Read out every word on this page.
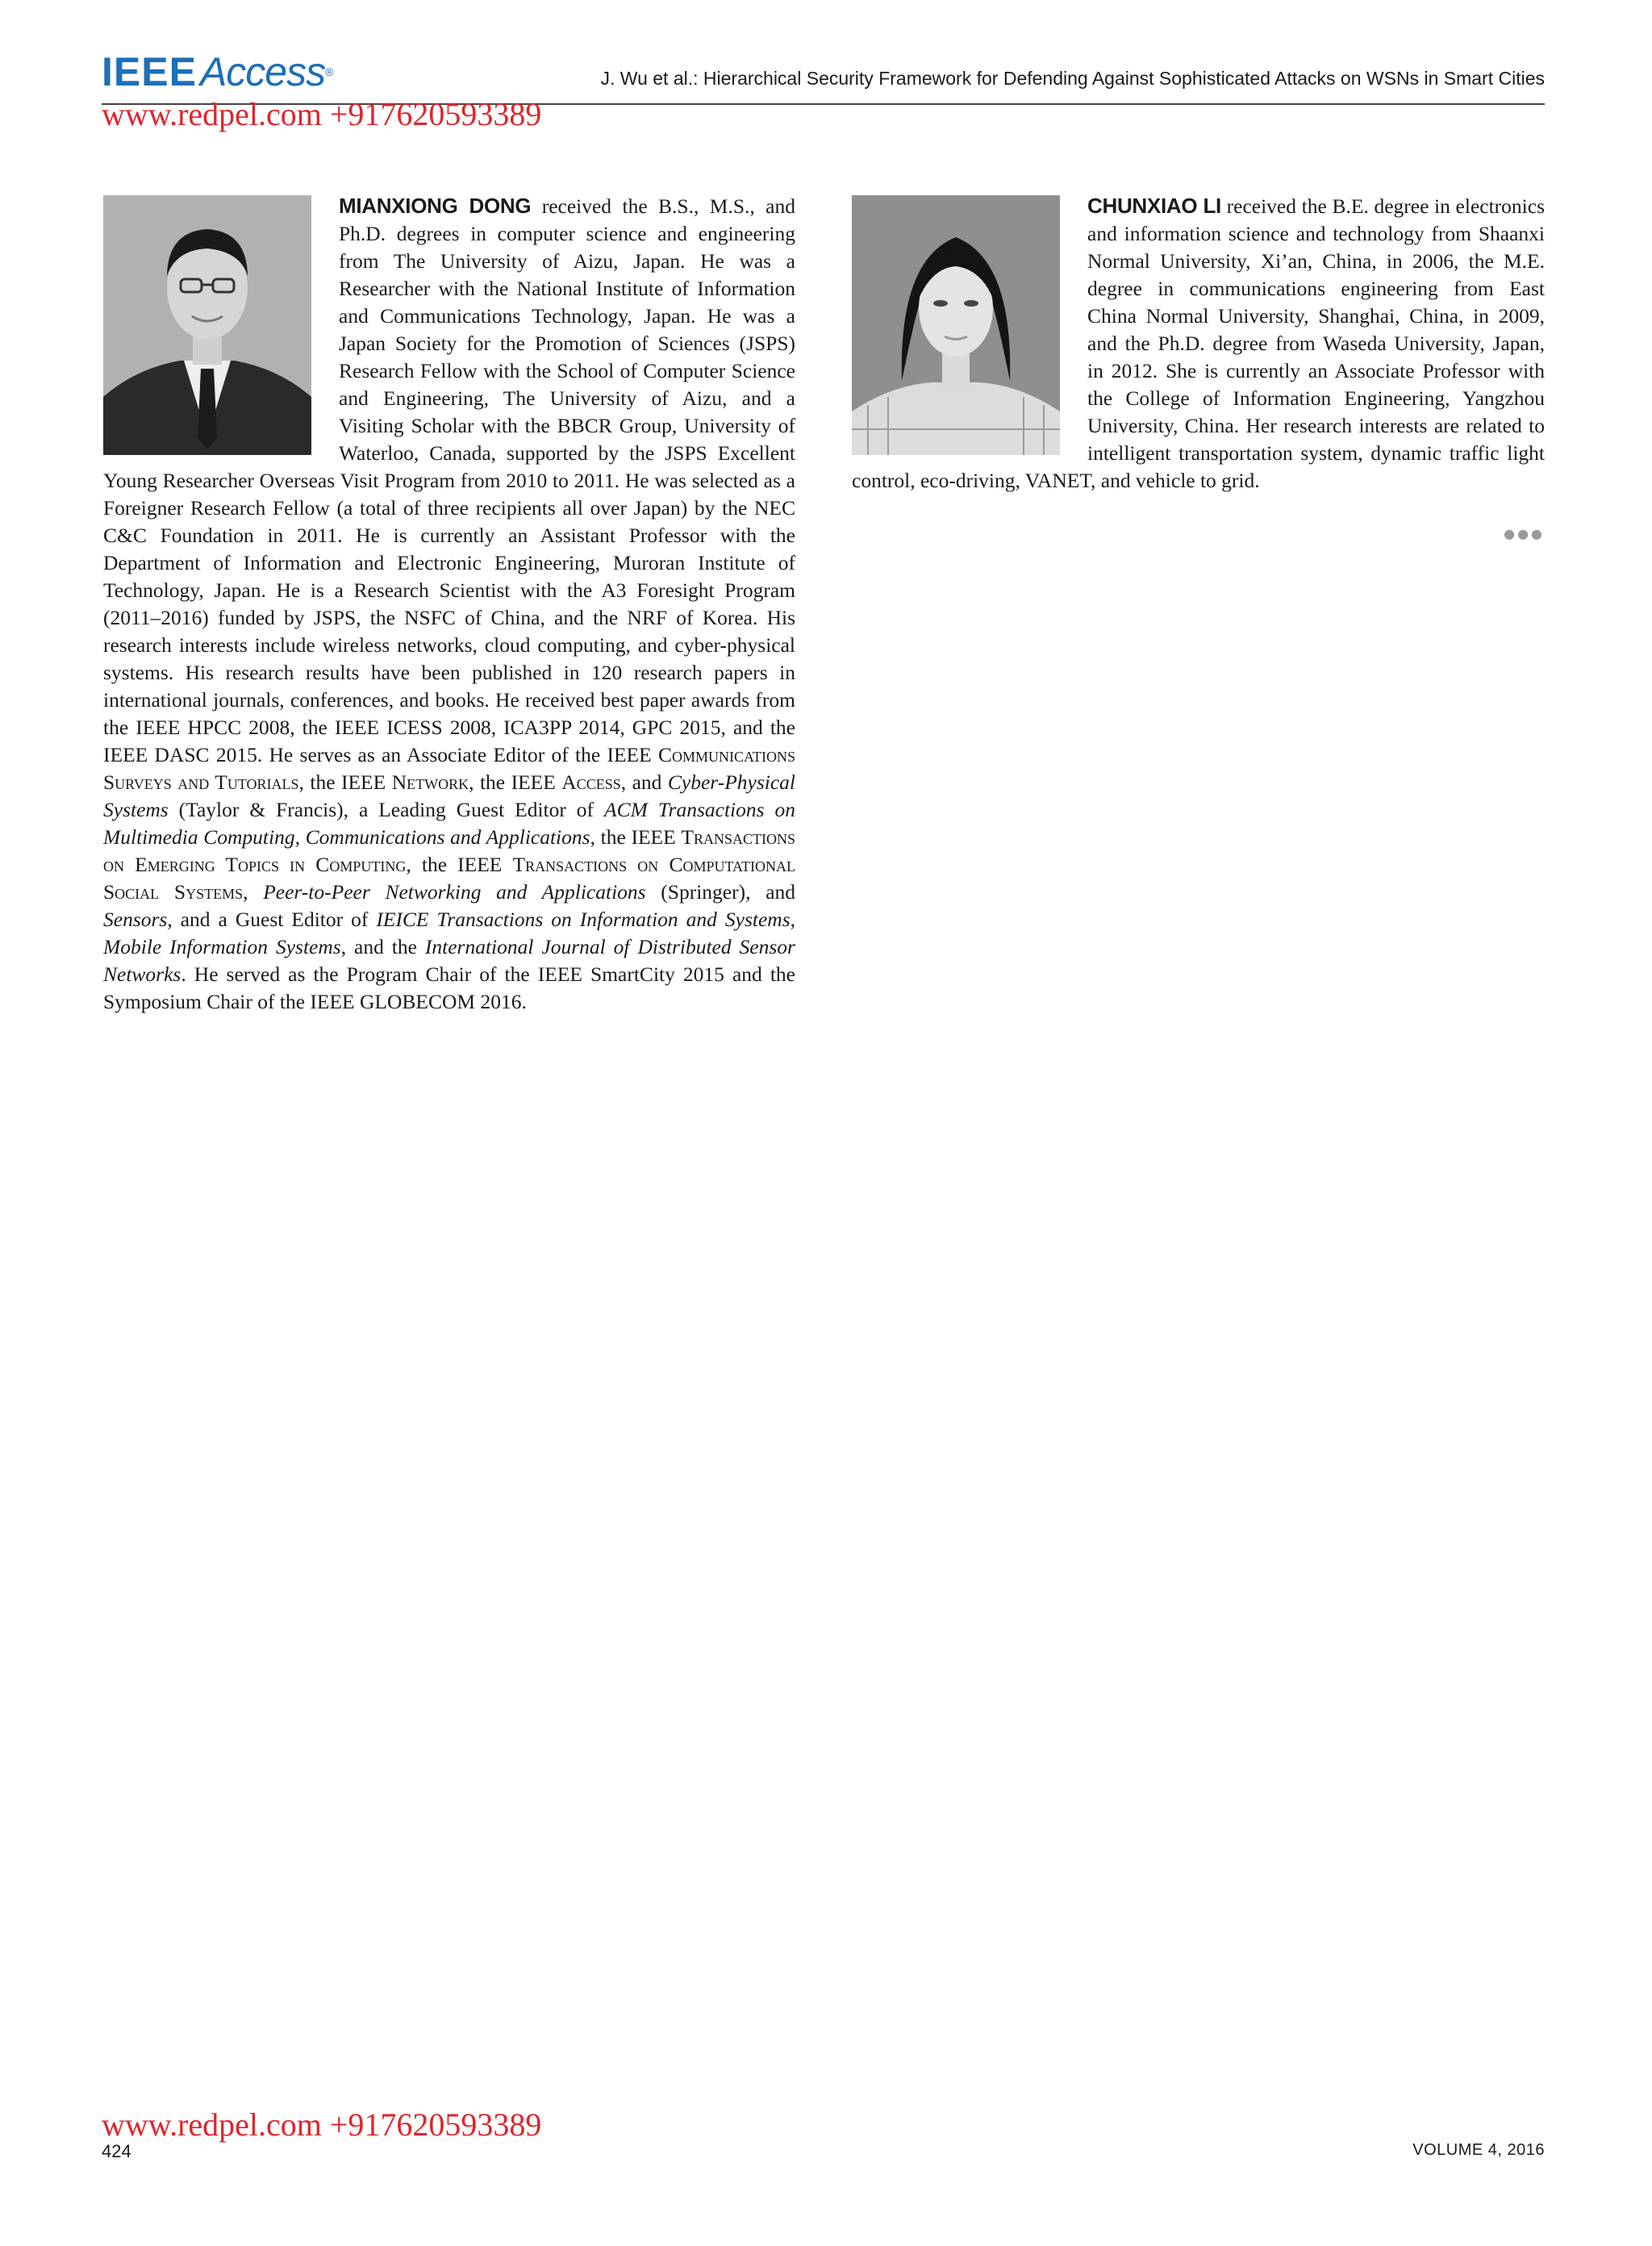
IEEEAccess®	J. Wu et al.: Hierarchical Security Framework for Defending Against Sophisticated Attacks on WSNs in Smart Cities
www.redpel.com +917620593389
MIANXIONG DONG received the B.S., M.S., and Ph.D. degrees in computer science and engineering from The University of Aizu, Japan. He was a Researcher with the National Institute of Information and Communications Technology, Japan. He was a Japan Society for the Promotion of Sciences (JSPS) Research Fellow with the School of Computer Science and Engineering, The University of Aizu, and a Visiting Scholar with the BBCR Group, University of Waterloo, Canada, supported by the JSPS Excellent Young Researcher Overseas Visit Program from 2010 to 2011. He was selected as a Foreigner Research Fellow (a total of three recipients all over Japan) by the NEC C&C Foundation in 2011. He is currently an Assistant Professor with the Department of Information and Electronic Engineering, Muroran Institute of Technology, Japan. He is a Research Scientist with the A3 Foresight Program (2011–2016) funded by JSPS, the NSFC of China, and the NRF of Korea. His research interests include wireless networks, cloud computing, and cyber-physical systems. His research results have been published in 120 research papers in international journals, conferences, and books. He received best paper awards from the IEEE HPCC 2008, the IEEE ICESS 2008, ICA3PP 2014, GPC 2015, and the IEEE DASC 2015. He serves as an Associate Editor of the IEEE Communications Surveys and Tutorials, the IEEE Network, the IEEE Access, and Cyber-Physical Systems (Taylor & Francis), a Leading Guest Editor of ACM Transactions on Multimedia Computing, Communications and Applications, the IEEE Transactions on Emerging Topics in Computing, the IEEE Transactions on Computational Social Systems, Peer-to-Peer Networking and Applications (Springer), and Sensors, and a Guest Editor of IEICE Transactions on Information and Systems, Mobile Information Systems, and the International Journal of Distributed Sensor Networks. He served as the Program Chair of the IEEE SmartCity 2015 and the Symposium Chair of the IEEE GLOBECOM 2016.
CHUNXIAO LI received the B.E. degree in electronics and information science and technology from Shaanxi Normal University, Xi’an, China, in 2006, the M.E. degree in communications engineering from East China Normal University, Shanghai, China, in 2009, and the Ph.D. degree from Waseda University, Japan, in 2012. She is currently an Associate Professor with the College of Information Engineering, Yangzhou University, China. Her research interests are related to intelligent transportation system, dynamic traffic light control, eco-driving, VANET, and vehicle to grid.
●●●
www.redpel.com +917620593389
424	VOLUME 4, 2016
